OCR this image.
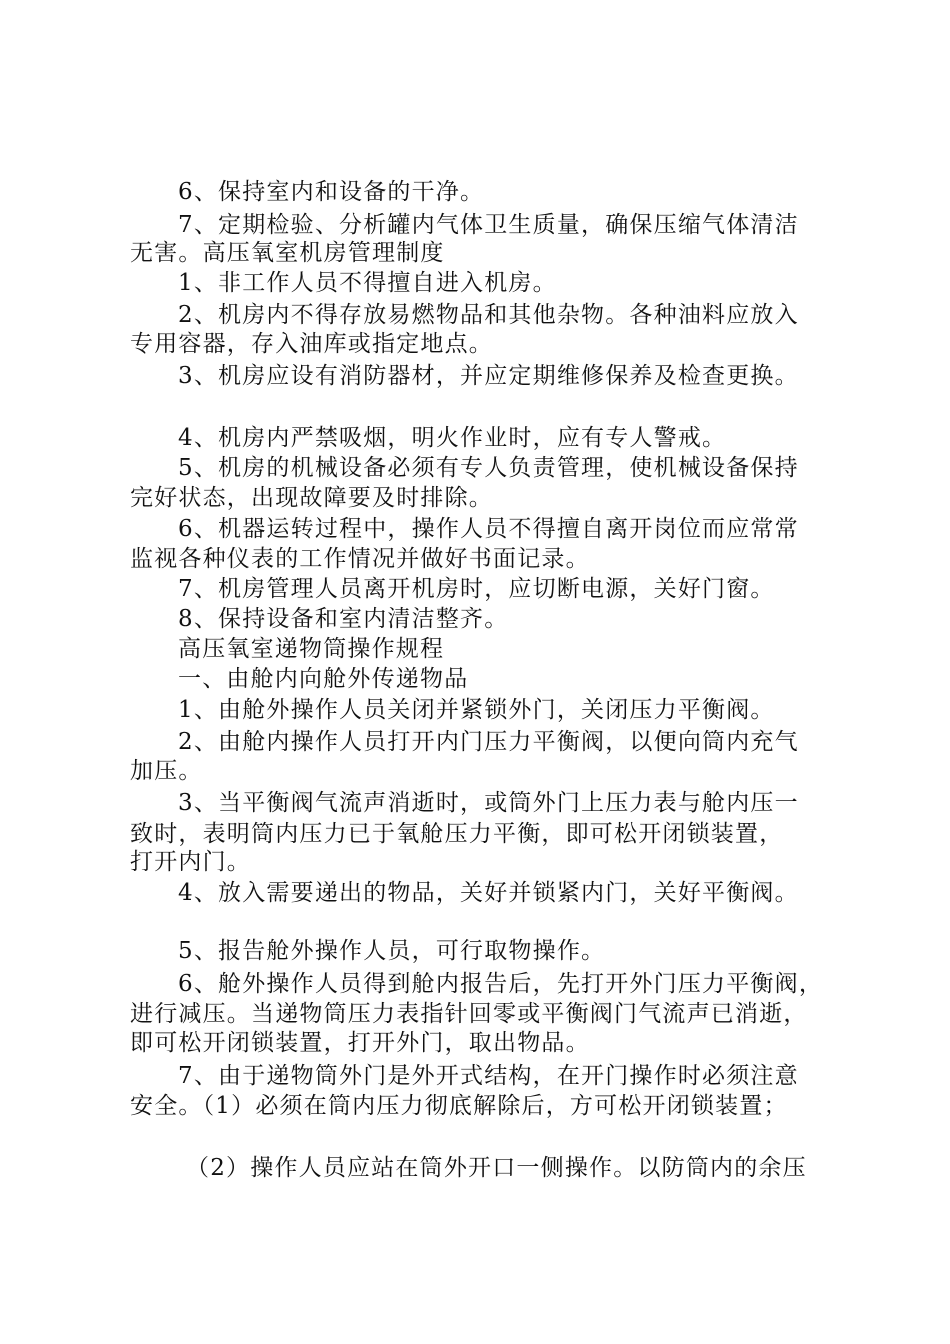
6、保持室内和设备的干净。
7、定期检验、分析罐内气体卫生质量，确保压缩气体清洁
无害。高压氧室机房管理制度
1、非工作人员不得擅自进入机房。
2、机房内不得存放易燃物品和其他杂物。各种油料应放入
专用容器，存入油库或指定地点。
3、机房应设有消防器材，并应定期维修保养及检查更换。
4、机房内严禁吸烟，明火作业时，应有专人警戒。
5、机房的机械设备必须有专人负责管理，使机械设备保持
完好状态，出现故障要及时排除。
6、机器运转过程中，操作人员不得擅自离开岗位而应常常
监视各种仪表的工作情况并做好书面记录。
7、机房管理人员离开机房时，应切断电源，关好门窗。
8、保持设备和室内清洁整齐。
高压氧室递物筒操作规程
一、由舱内向舱外传递物品
1、由舱外操作人员关闭并紧锁外门，关闭压力平衡阀。
2、由舱内操作人员打开内门压力平衡阀，以便向筒内充气
加压。
3、当平衡阀气流声消逝时，或筒外门上压力表与舱内压一
致时，表明筒内压力已于氧舱压力平衡，即可松开闭锁装置，
打开内门。
4、放入需要递出的物品，关好并锁紧内门，关好平衡阀。
5、报告舱外操作人员，可行取物操作。
6、舱外操作人员得到舱内报告后，先打开外门压力平衡阀，
进行减压。当递物筒压力表指针回零或平衡阀门气流声已消逝，
即可松开闭锁装置，打开外门，取出物品。
7、由于递物筒外门是外开式结构，在开门操作时必须注意
安全。（1）必须在筒内压力彻底解除后，方可松开闭锁装置；
（2）操作人员应站在筒外开口一侧操作。以防筒内的余压
